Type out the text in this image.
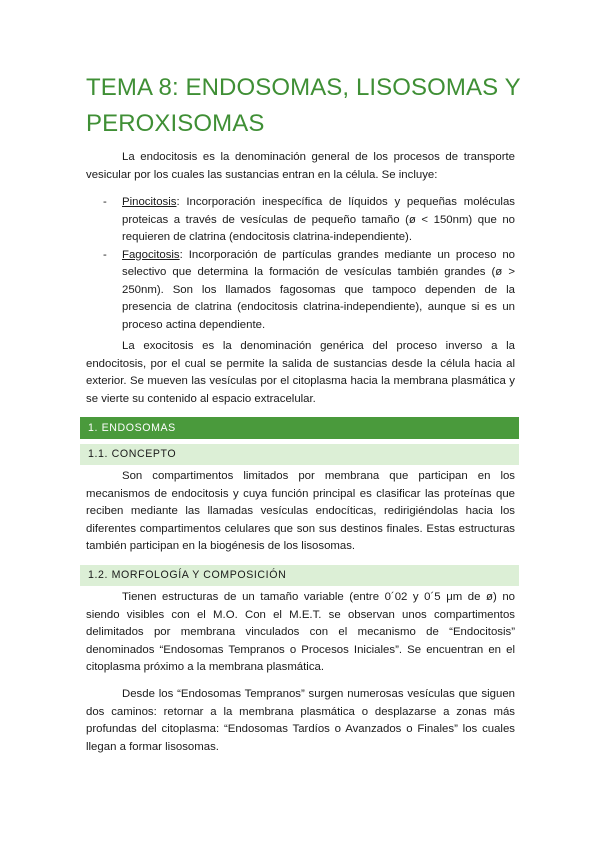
TEMA 8: ENDOSOMAS, LISOSOMAS Y PEROXISOMAS

La endocitosis es la denominación general de los procesos de transporte vesicular por los cuales las sustancias entran en la célula. Se incluye:

- Pinocitosis: Incorporación inespecífica de líquidos y pequeñas moléculas proteicas a través de vesículas de pequeño tamaño (ø < 150nm) que no requieren de clatrina (endocitosis clatrina-independiente).
- Fagocitosis: Incorporación de partículas grandes mediante un proceso no selectivo que determina la formación de vesículas también grandes (ø > 250nm). Son los llamados fagosomas que tampoco dependen de la presencia de clatrina (endocitosis clatrina-independiente), aunque si es un proceso actina dependiente.

La exocitosis es la denominación genérica del proceso inverso a la endocitosis, por el cual se permite la salida de sustancias desde la célula hacia al exterior. Se mueven las vesículas por el citoplasma hacia la membrana plasmática y se vierte su contenido al espacio extracelular.

1. ENDOSOMAS
1.1. CONCEPTO

Son compartimentos limitados por membrana que participan en los mecanismos de endocitosis y cuya función principal es clasificar las proteínas que reciben mediante las llamadas vesículas endocíticas, redirigiéndolas hacia los diferentes compartimentos celulares que son sus destinos finales. Estas estructuras también participan en la biogénesis de los lisosomas.

1.2. MORFOLOGÍA Y COMPOSICIÓN

Tienen estructuras de un tamaño variable (entre 0´02 y 0´5 μm de ø) no siendo visibles con el M.O. Con el M.E.T. se observan unos compartimentos delimitados por membrana vinculados con el mecanismo de “Endocitosis” denominados “Endosomas Tempranos o Procesos Iniciales”. Se encuentran en el citoplasma próximo a la membrana plasmática.

Desde los “Endosomas Tempranos” surgen numerosas vesículas que siguen dos caminos: retornar a la membrana plasmática o desplazarse a zonas más profundas del citoplasma: “Endosomas Tardíos o Avanzados o Finales” los cuales llegan a formar lisosomas.
